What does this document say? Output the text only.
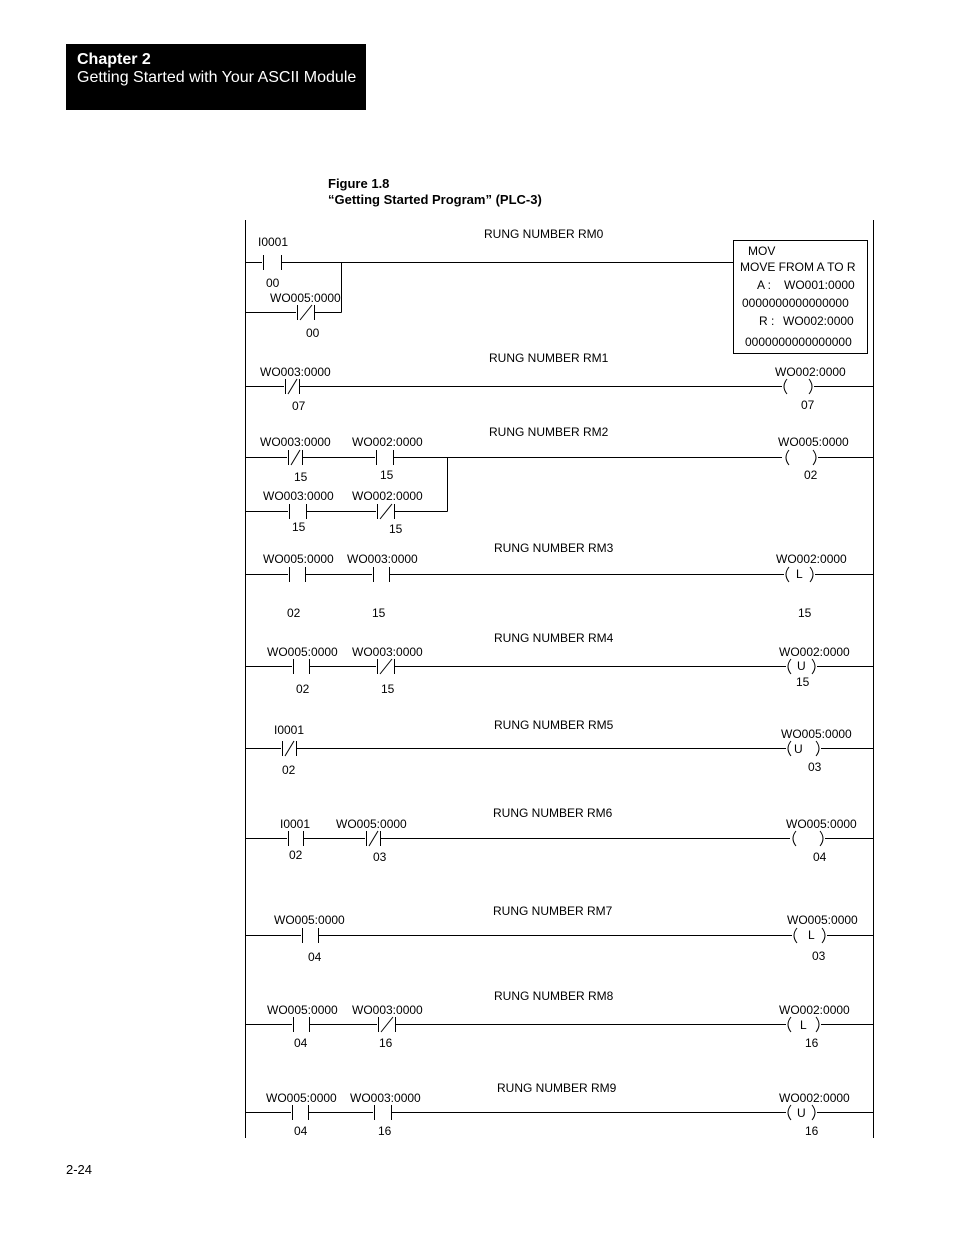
Chapter 2
Getting Started with Your ASCII Module
Figure 1.8
“Getting Started Program” (PLC-3)
RUNG NUMBER RM0
I0001
00
WO005:0000
00
MOV
MOVE FROM A TO R
A : WO001:0000
0000000000000000
R : WO002:0000
0000000000000000
RUNG NUMBER RM1
WO003:0000
07
WO002:0000
07
RUNG NUMBER RM2
WO003:0000
15
WO002:0000
15
WO003:0000
15
WO002:0000
15
WO005:0000
02
RUNG NUMBER RM3
WO005:0000
02
WO003:0000
15
L
WO002:0000
15
RUNG NUMBER RM4
WO005:0000
02
WO003:0000
15
U
WO002:0000
15
RUNG NUMBER RM5
I0001
02
U
WO005:0000
03
RUNG NUMBER RM6
I0001
02
WO005:0000
03
WO005:0000
04
RUNG NUMBER RM7
WO005:0000
04
L
WO005:0000
03
RUNG NUMBER RM8
WO005:0000
04
WO003:0000
16
L
WO002:0000
16
RUNG NUMBER RM9
WO005:0000
04
WO003:0000
16
U
WO002:0000
16
2-24
